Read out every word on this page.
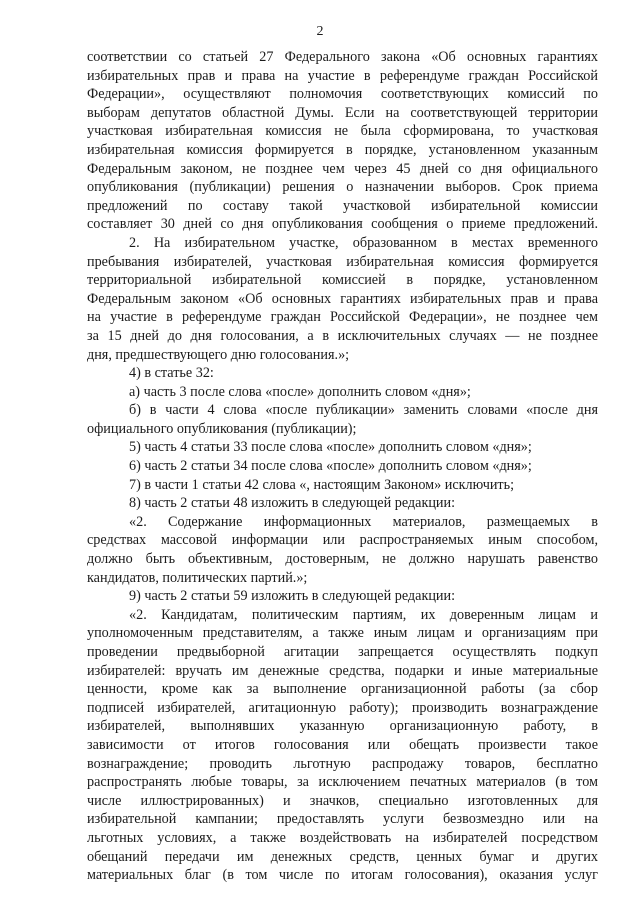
2
соответствии со статьей 27 Федерального закона «Об основных гарантиях
избирательных прав и права на участие в референдуме граждан Российской
Федерации», осуществляют полномочия соответствующих комиссий по
выборам депутатов областной Думы. Если на соответствующей территории
участковая избирательная комиссия не была сформирована, то участковая
избирательная комиссия формируется в порядке, установленном указанным
Федеральным законом, не позднее чем через 45 дней со дня официального
опубликования (публикации) решения о назначении выборов. Срок приема
предложений по составу такой участковой избирательной комиссии
составляет 30 дней со дня опубликования сообщения о приеме предложений.
2. На избирательном участке, образованном в местах временного
пребывания избирателей, участковая избирательная комиссия формируется
территориальной избирательной комиссией в порядке, установленном
Федеральным законом «Об основных гарантиях избирательных прав и права
на участие в референдуме граждан Российской Федерации», не позднее чем
за 15 дней до дня голосования, а в исключительных случаях — не позднее
дня, предшествующего дню голосования.»;
4) в статье 32:
а) часть 3 после слова «после» дополнить словом «дня»;
б) в части 4 слова «после публикации» заменить словами «после дня
официального опубликования (публикации);
5) часть 4 статьи 33 после слова «после» дополнить словом «дня»;
6) часть 2 статьи 34 после слова «после» дополнить словом «дня»;
7) в части 1 статьи 42 слова «, настоящим Законом» исключить;
8) часть 2 статьи 48 изложить в следующей редакции:
«2. Содержание информационных материалов, размещаемых в
средствах массовой информации или распространяемых иным способом,
должно быть объективным, достоверным, не должно нарушать равенство
кандидатов, политических партий.»;
9) часть 2 статьи 59 изложить в следующей редакции:
«2. Кандидатам, политическим партиям, их доверенным лицам и
уполномоченным представителям, а также иным лицам и организациям при
проведении предвыборной агитации запрещается осуществлять подкуп
избирателей: вручать им денежные средства, подарки и иные материальные
ценности, кроме как за выполнение организационной работы (за сбор
подписей избирателей, агитационную работу); производить вознаграждение
избирателей, выполнявших указанную организационную работу, в
зависимости от итогов голосования или обещать произвести такое
вознаграждение; проводить льготную распродажу товаров, бесплатно
распространять любые товары, за исключением печатных материалов (в том
числе иллюстрированных) и значков, специально изготовленных для
избирательной кампании; предоставлять услуги безвозмездно или на
льготных условиях, а также воздействовать на избирателей посредством
обещаний передачи им денежных средств, ценных бумаг и других
материальных благ (в том числе по итогам голосования), оказания услуг
